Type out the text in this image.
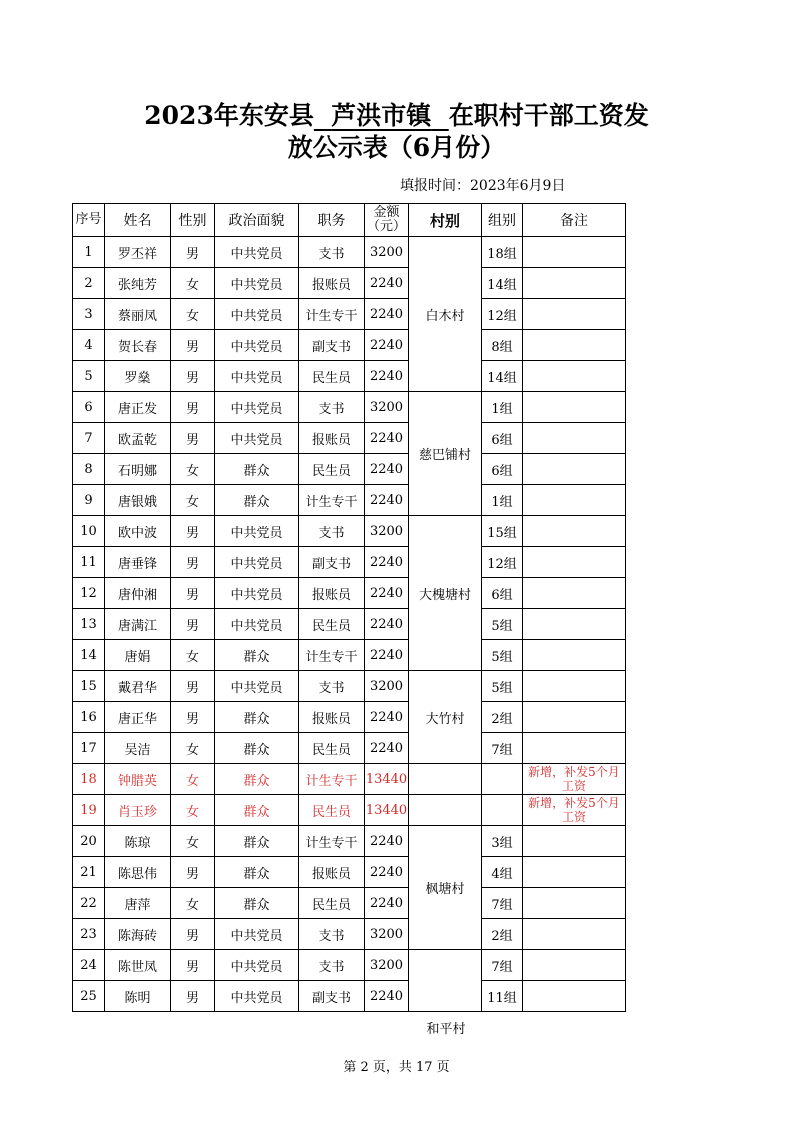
2023年东安县 芦洪市镇 在职村干部工资发
放公示表（6月份）
填报时间：2023年6月9日
序号	姓名	性别	政治面貌	职务	金额（元）	村别	组别	备注
1	罗丕祥	男	中共党员	支书	3200	白木村	18组	
2	张纯芳	女	中共党员	报账员	2240		14组	
3	蔡丽凤	女	中共党员	计生专干	2240		12组	
4	贺长春	男	中共党员	副支书	2240		8组	
5	罗燊	男	中共党员	民生员	2240		14组	
6	唐正发	男	中共党员	支书	3200	慈巴铺村	1组	
7	欧孟乾	男	中共党员	报账员	2240		6组	
8	石明娜	女	群众	民生员	2240		6组	
9	唐银娥	女	群众	计生专干	2240		1组	
10	欧中波	男	中共党员	支书	3200	大槐塘村	15组	
11	唐垂锋	男	中共党员	副支书	2240		12组	
12	唐仲湘	男	中共党员	报账员	2240		6组	
13	唐满江	男	中共党员	民生员	2240		5组	
14	唐娟	女	群众	计生专干	2240		5组	
15	戴君华	男	中共党员	支书	3200	大竹村	5组	
16	唐正华	男	群众	报账员	2240		2组	
17	吴洁	女	群众	民生员	2240		7组	
18	钟腊英	女	群众	计生专干	13440			新增，补发5个月工资
19	肖玉珍	女	群众	民生员	13440			新增，补发5个月工资
20	陈琼	女	群众	计生专干	2240	枫塘村	3组	
21	陈思伟	男	群众	报账员	2240		4组	
22	唐萍	女	群众	民生员	2240		7组	
23	陈海砖	男	中共党员	支书	3200		2组	
24	陈世凤	男	中共党员	支书	3200		7组	
25	陈明	男	中共党员	副支书	2240		11组	
和平村
第 2 页，共 17 页
